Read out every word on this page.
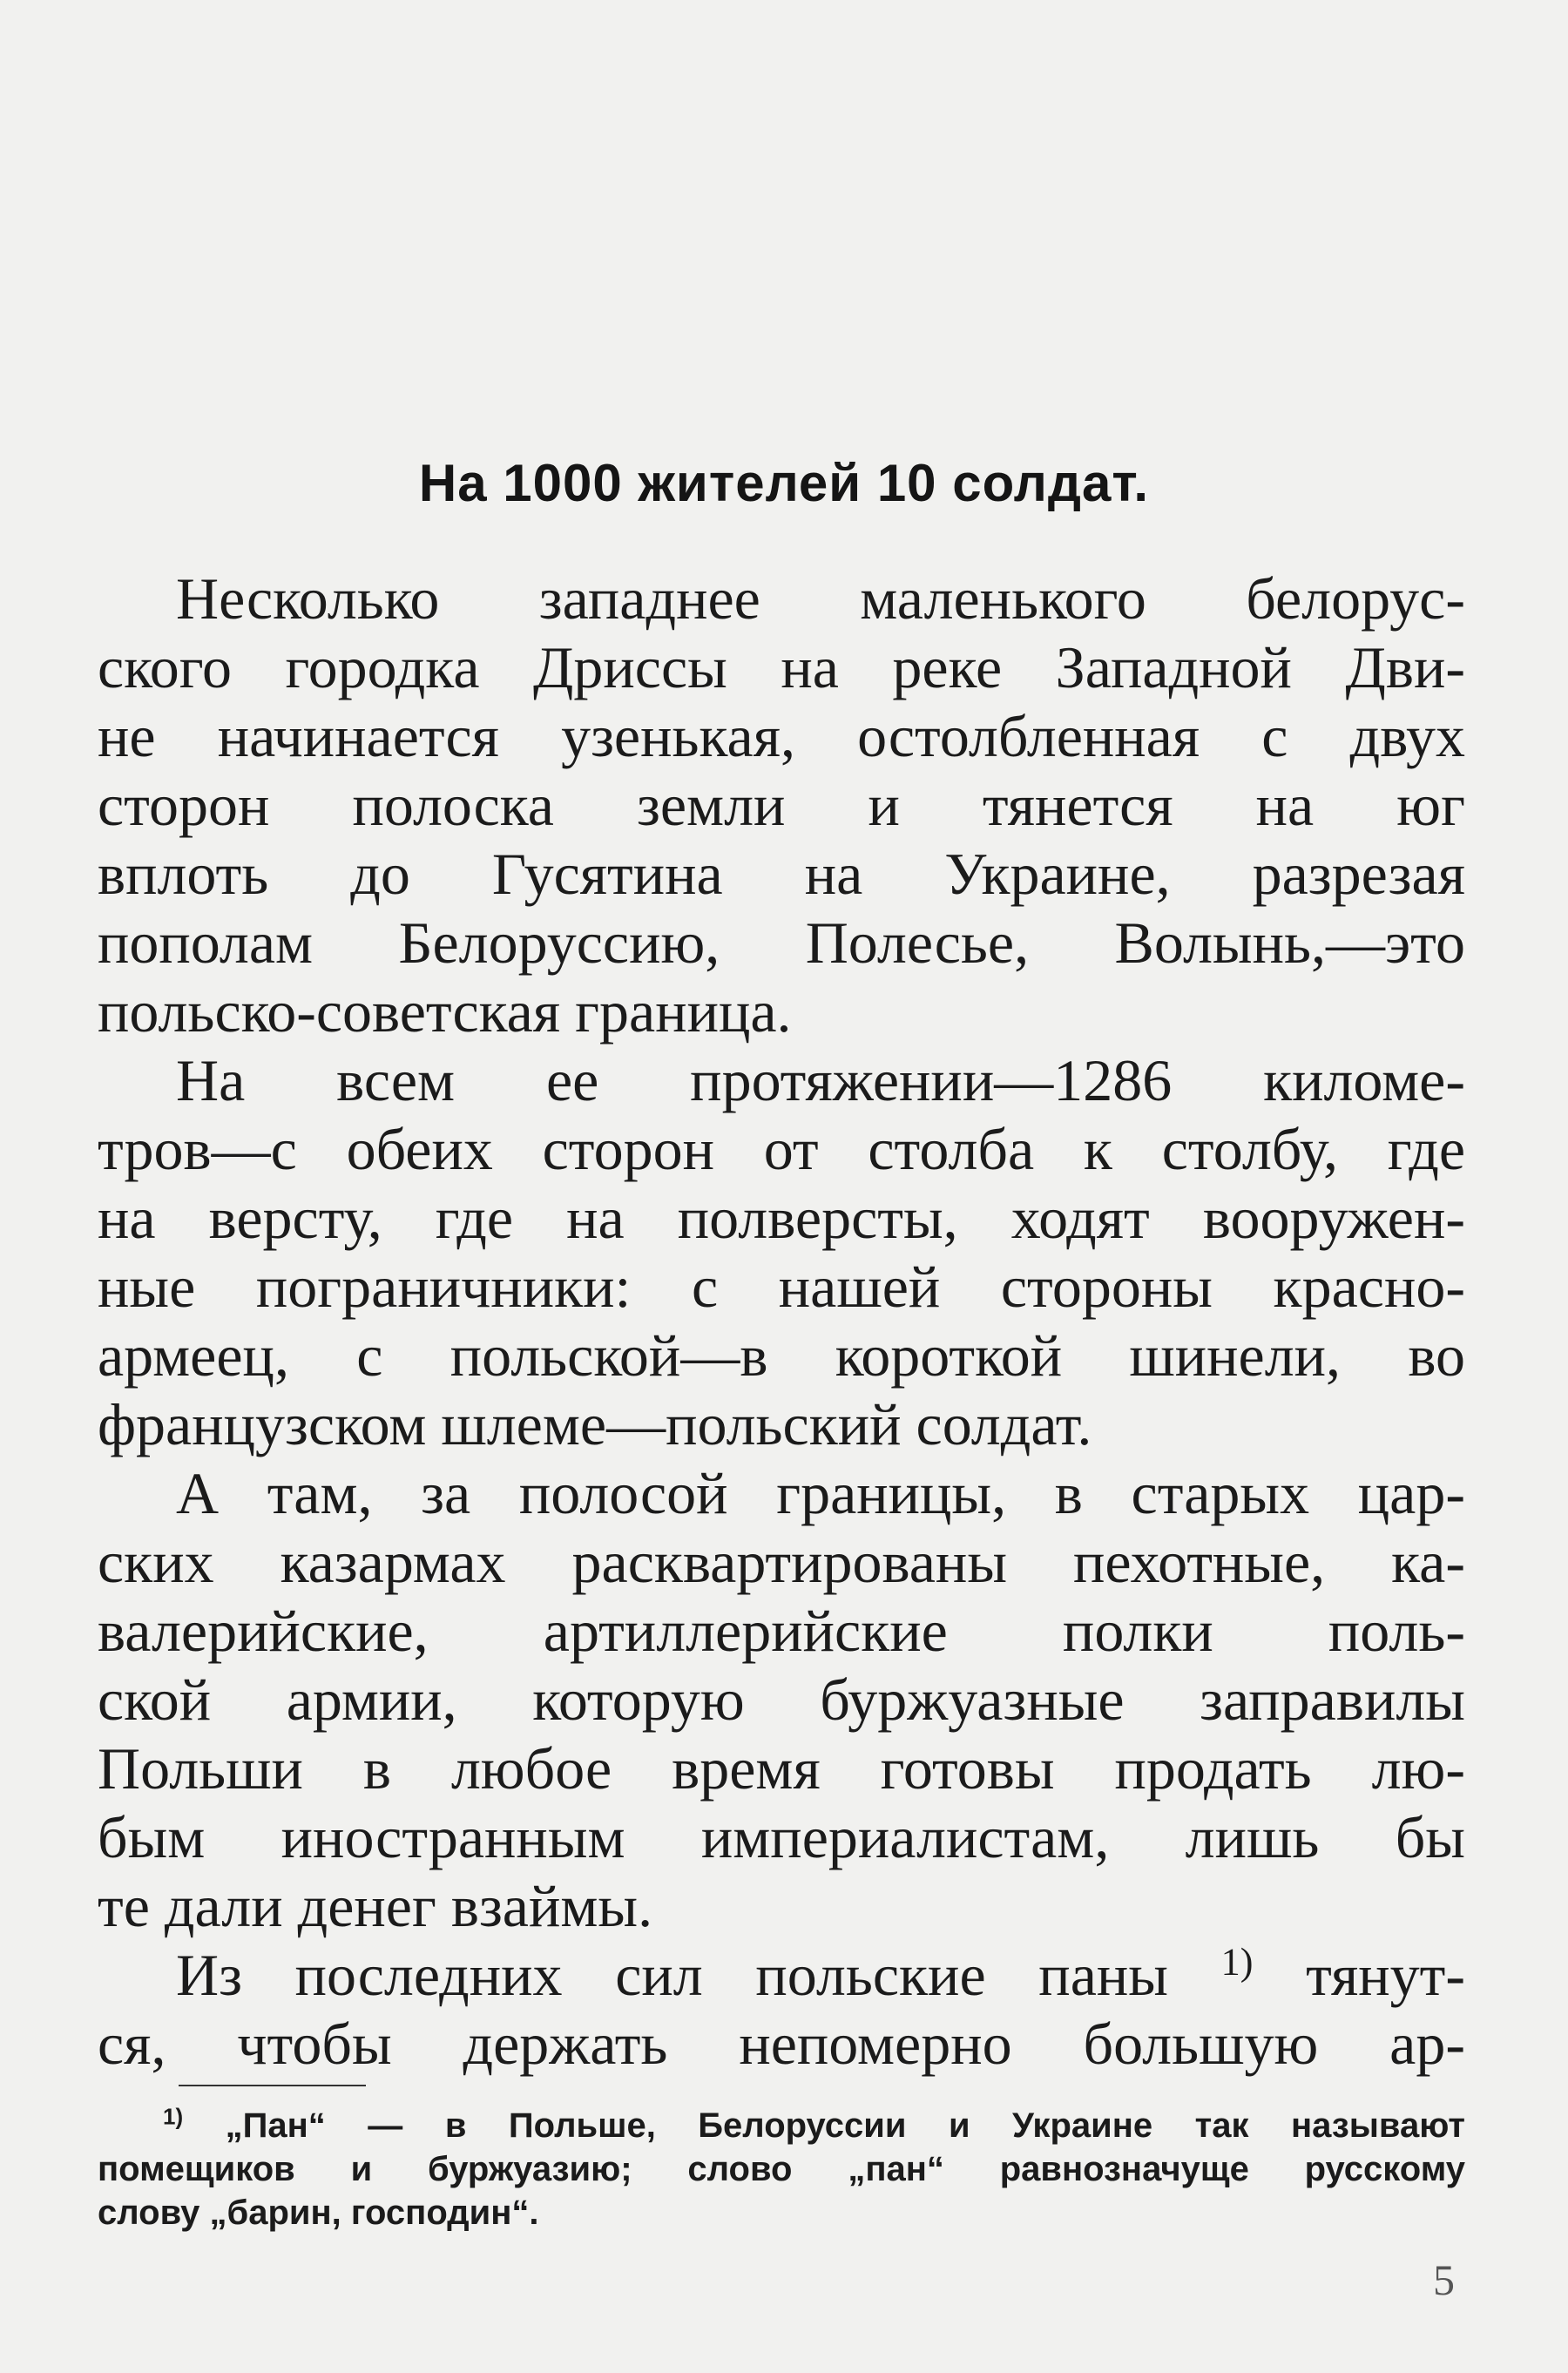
На 1000 жителей 10 солдат.
Несколько западнее маленького белорус-
ского городка Дриссы на реке Западной Дви-
не начинается узенькая, остолбленная с двух
сторон полоска земли и тянется на юг
вплоть до Гусятина на Украине, разрезая
пополам Белоруссию, Полесье, Волынь,—это
польско-советская граница.
На всем ее протяжении—1286 киломе-
тров—с обеих сторон от столба к столбу, где
на версту, где на полверсты, ходят вооружен-
ные пограничники: с нашей стороны красно-
армеец, с польской—в короткой шинели, во
французском шлеме—польский солдат.
А там, за полосой границы, в старых цар-
ских казармах расквартированы пехотные, ка-
валерийские, артиллерийские полки поль-
ской армии, которую буржуазные заправилы
Польши в любое время готовы продать лю-
бым иностранным империалистам, лишь бы
те дали денег взаймы.
Из последних сил польские паны $^{1)}$ тянут-
ся, чтобы держать непомерно большую ар-
$^{1)}$ „Пан“ — в Польше, Белоруссии и Украине так называют
помещиков и буржуазию; слово „пан“ равнозначуще русскому
слову „барин, господин“.
5
